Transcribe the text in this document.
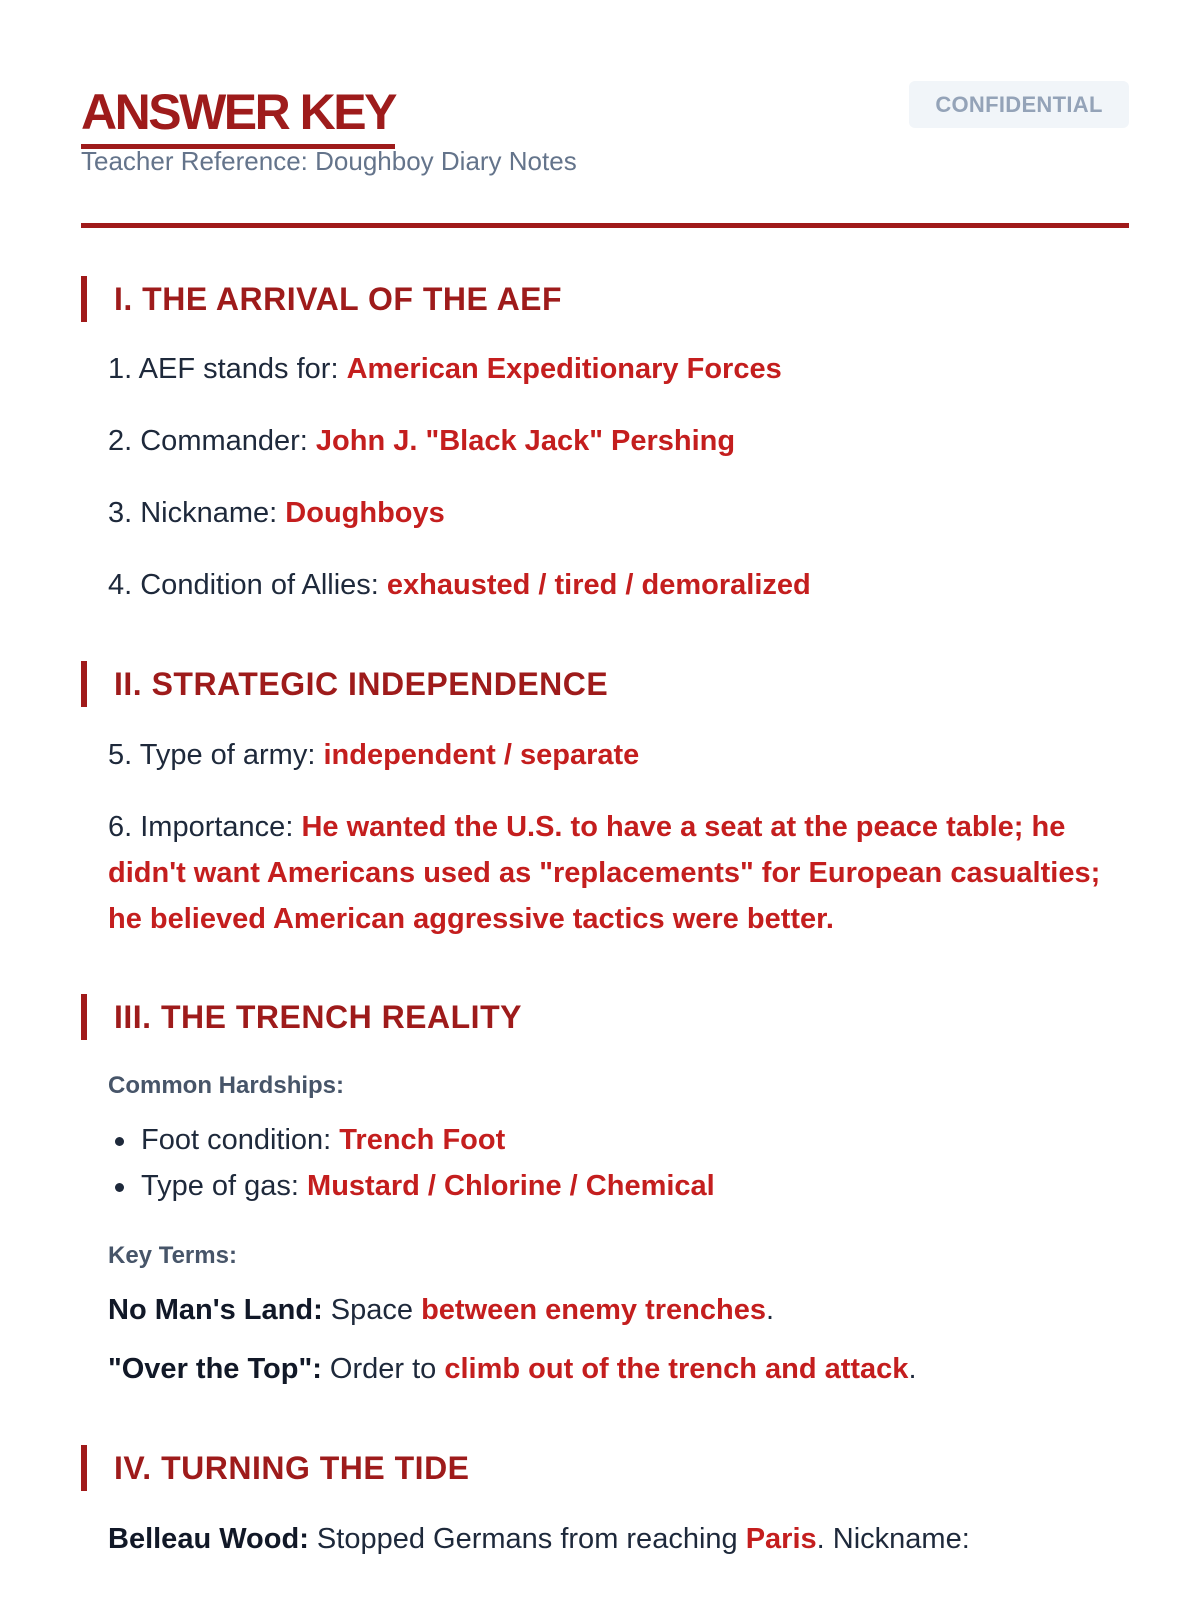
ANSWER KEY
Teacher Reference: Doughboy Diary Notes
CONFIDENTIAL
I. THE ARRIVAL OF THE AEF
1. AEF stands for: American Expeditionary Forces
2. Commander: John J. "Black Jack" Pershing
3. Nickname: Doughboys
4. Condition of Allies: exhausted / tired / demoralized
II. STRATEGIC INDEPENDENCE
5. Type of army: independent / separate
6. Importance: He wanted the U.S. to have a seat at the peace table; he didn't want Americans used as "replacements" for European casualties; he believed American aggressive tactics were better.
III. THE TRENCH REALITY
Common Hardships:
Foot condition: Trench Foot
Type of gas: Mustard / Chlorine / Chemical
Key Terms:
No Man's Land: Space between enemy trenches.
"Over the Top": Order to climb out of the trench and attack.
IV. TURNING THE TIDE
Belleau Wood: Stopped Germans from reaching Paris. Nickname:
